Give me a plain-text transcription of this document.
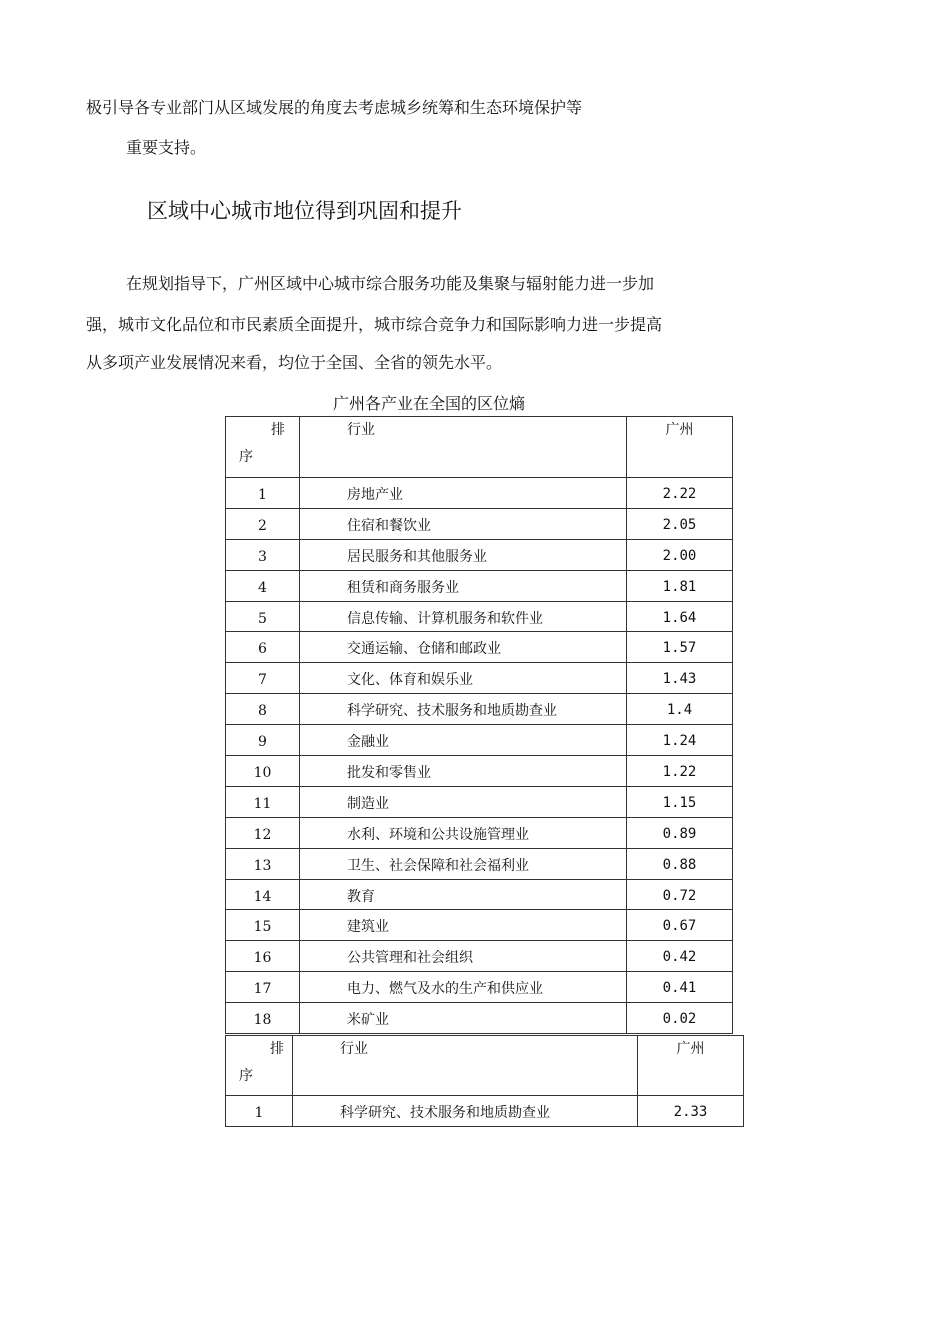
极引导各专业部门从区域发展的角度去考虑城乡统筹和生态环境保护等

重要支持。

区域中心城市地位得到巩固和提升

在规划指导下，广州区域中心城市综合服务功能及集聚与辐射能力进一步加

强，城市文化品位和市民素质全面提升，城市综合竞争力和国际影响力进一步提高

从多项产业发展情况来看，均位于全国、全省的领先水平。

广州各产业在全国的区位熵
排
序	行业	广州

1	房地产业	2.22

2	住宿和餐饮业	2.05

3	居民服务和其他服务业	2.00

4	租赁和商务服务业	1.81

5	信息传输、计算机服务和软件业	1.64

6	交通运输、仓储和邮政业	1.57

7	文化、体育和娱乐业	1.43

8	科学研究、技术服务和地质勘查业	1.4

9	金融业	1.24

10	批发和零售业	1.22

11	制造业	1.15

12	水利、环境和公共设施管理业	0.89

13	卫生、社会保障和社会福利业	0.88

14	教育	0.72

15	建筑业	0.67

16	公共管理和社会组织	0.42

17	电力、燃气及水的生产和供应业	0.41

18	米矿业	0.02
排
序	行业	广州

1	科学研究、技术服务和地质勘查业	2.33
